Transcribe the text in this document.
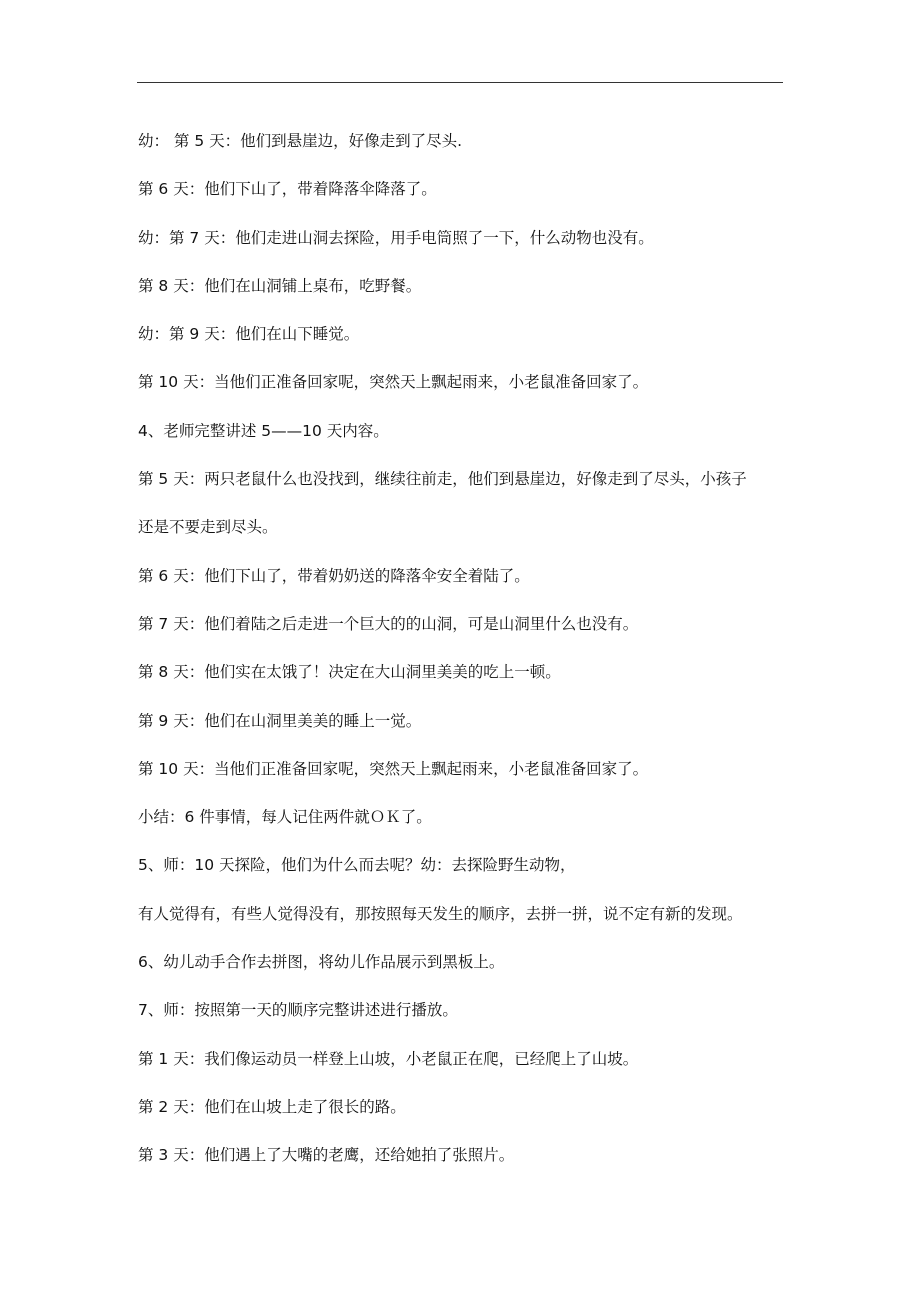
幼： 第 5 天：他们到悬崖边，好像走到了尽头.
第 6 天：他们下山了，带着降落伞降落了。
幼：第 7 天：他们走进山洞去探险，用手电筒照了一下，什么动物也没有。
第 8 天：他们在山洞铺上桌布，吃野餐。
幼：第 9 天：他们在山下睡觉。
第 10 天：当他们正准备回家呢，突然天上飘起雨来，小老鼠准备回家了。
4、老师完整讲述 5——10 天内容。
第 5 天：两只老鼠什么也没找到，继续往前走，他们到悬崖边，好像走到了尽头，小孩子
还是不要走到尽头。
第 6 天：他们下山了，带着奶奶送的降落伞安全着陆了。
第 7 天：他们着陆之后走进一个巨大的的山洞，可是山洞里什么也没有。
第 8 天：他们实在太饿了！决定在大山洞里美美的吃上一顿。
第 9 天：他们在山洞里美美的睡上一觉。
第 10 天：当他们正准备回家呢，突然天上飘起雨来，小老鼠准备回家了。
小结：6 件事情，每人记住两件就ＯＫ了。
5、师：10 天探险，他们为什么而去呢？幼：去探险野生动物，
有人觉得有，有些人觉得没有，那按照每天发生的顺序，去拼一拼，说不定有新的发现。
6、幼儿动手合作去拼图，将幼儿作品展示到黑板上。
7、师：按照第一天的顺序完整讲述进行播放。
第 1 天：我们像运动员一样登上山坡，小老鼠正在爬，已经爬上了山坡。
第 2 天：他们在山坡上走了很长的路。
第 3 天：他们遇上了大嘴的老鹰，还给她拍了张照片。
